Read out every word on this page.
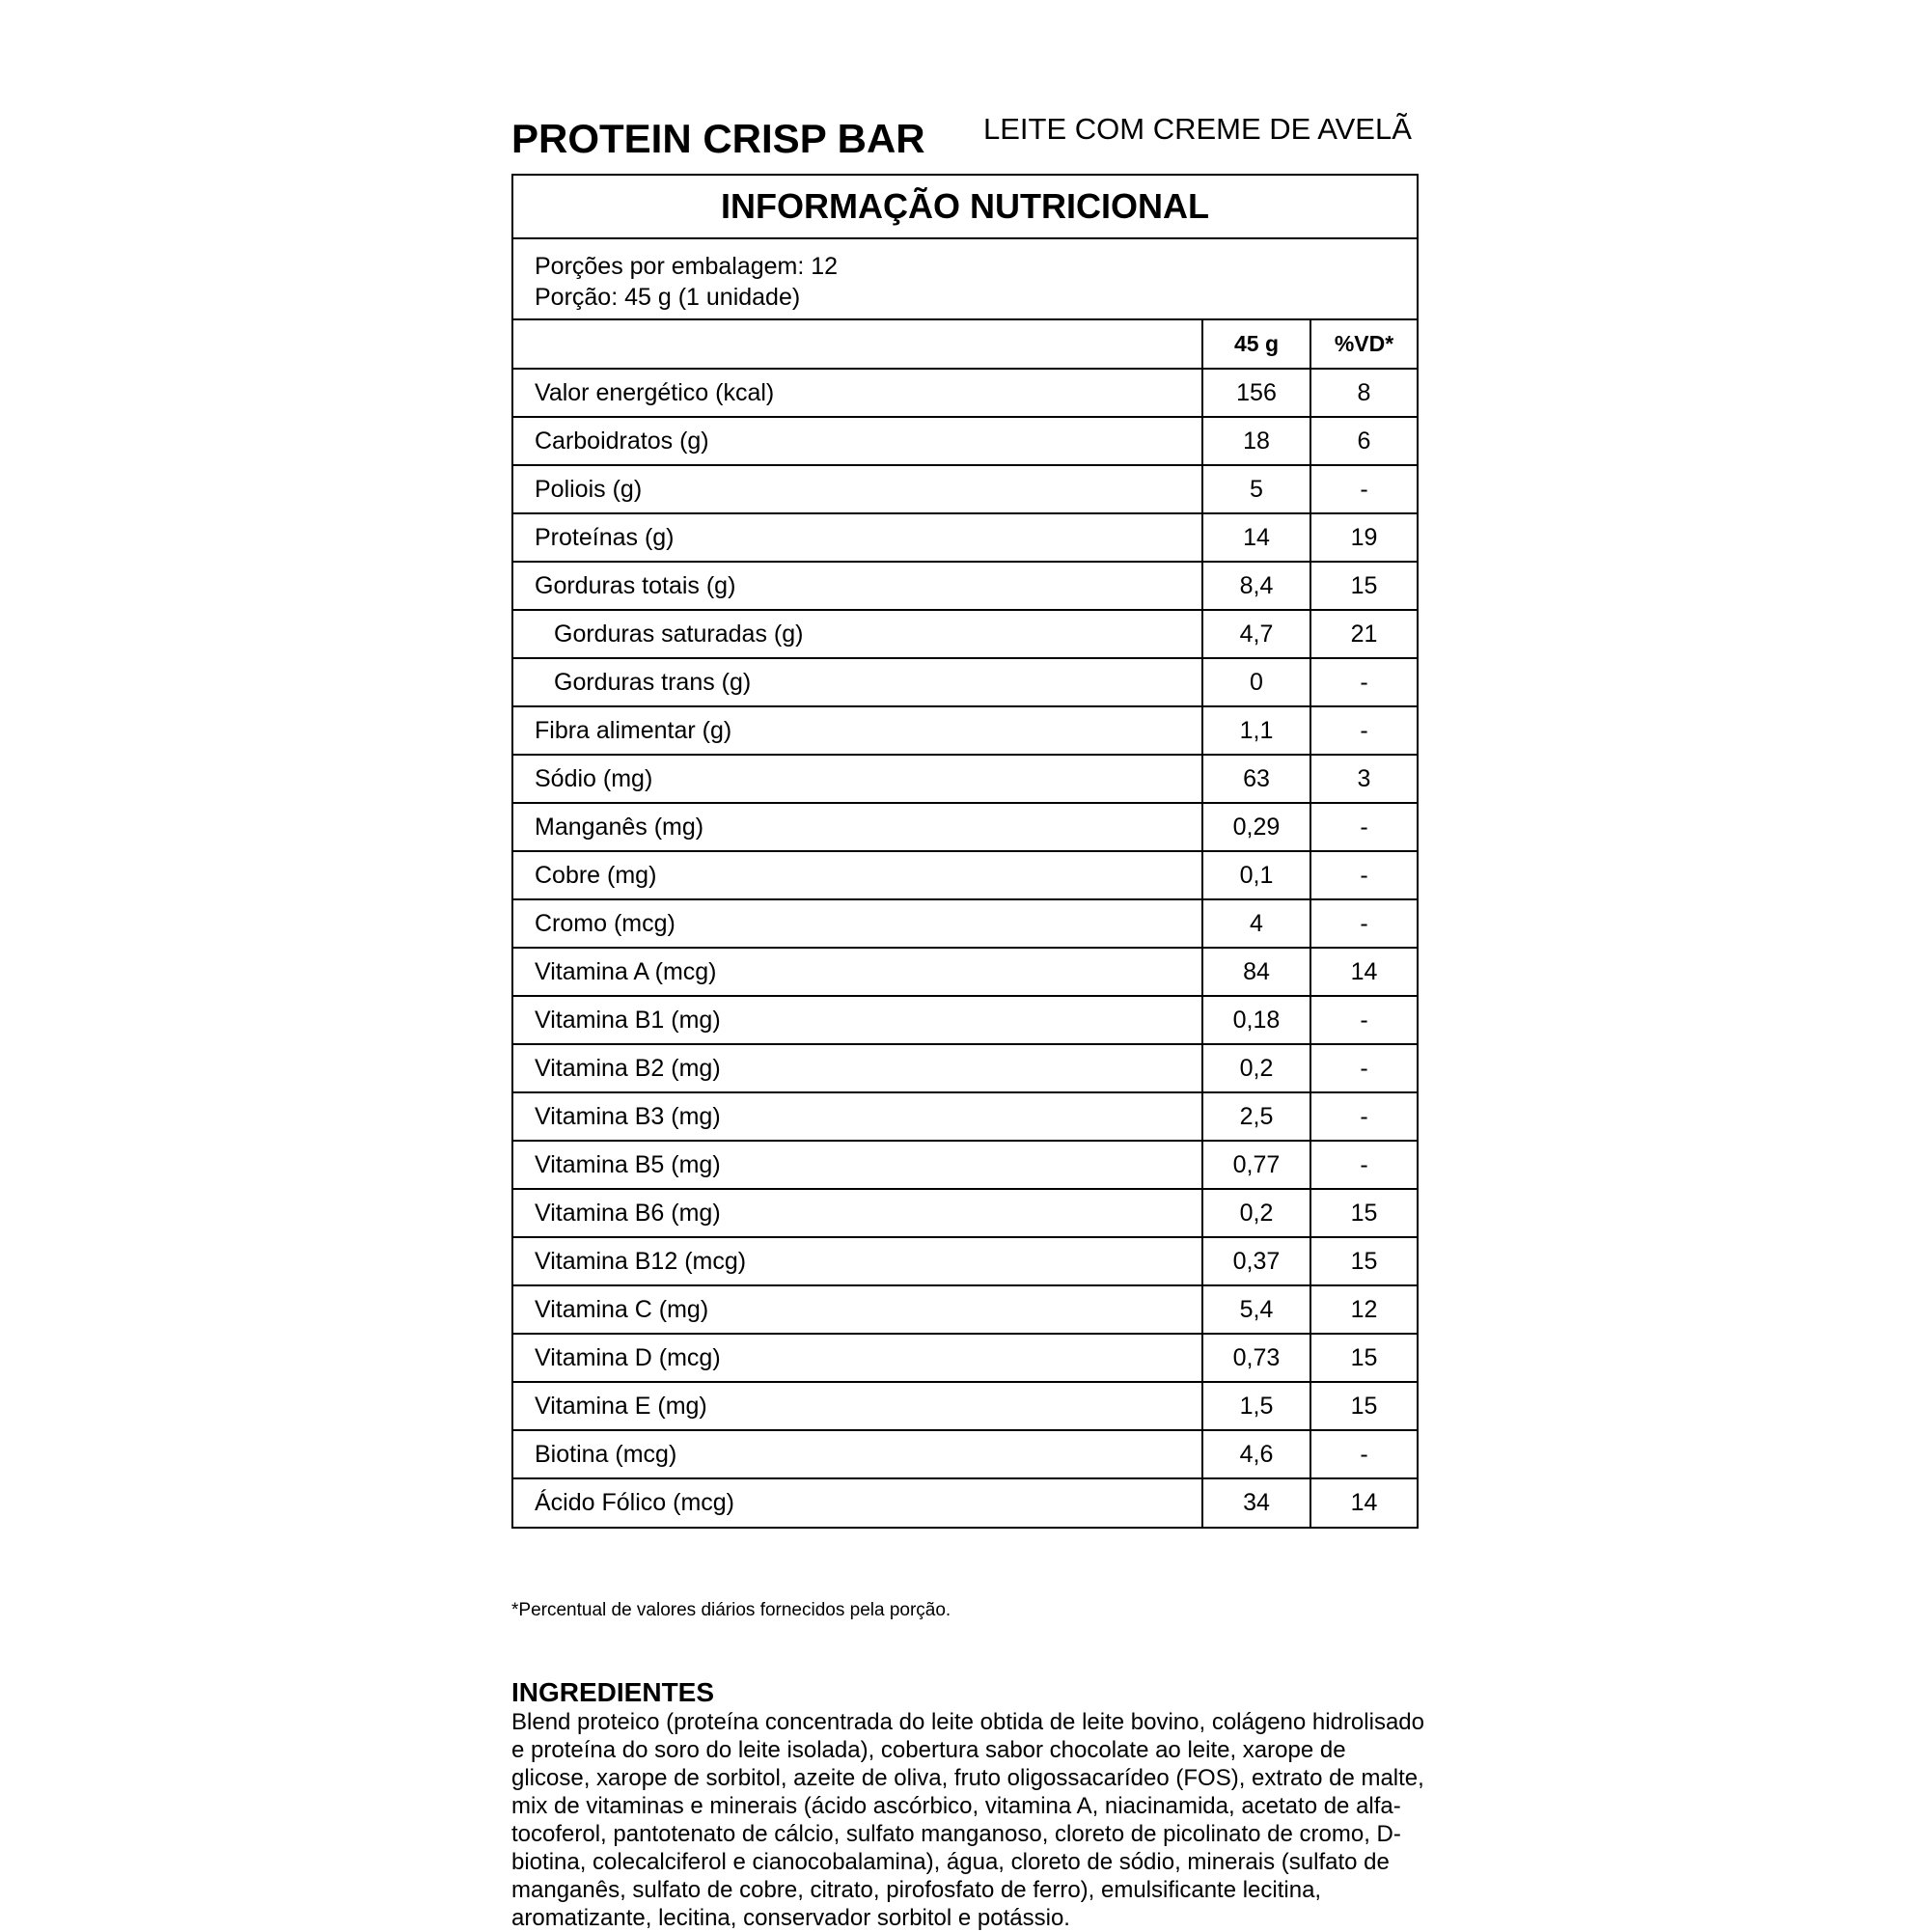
PROTEIN CRISP BAR LEITE COM CREME DE AVELÃ
INFORMAÇÃO NUTRICIONAL
Porções por embalagem: 12
Porção: 45 g (1 unidade)
	45 g	%VD*
Valor energético (kcal)	156	8
Carboidratos (g)	18	6
Poliois (g)	5	-
Proteínas (g)	14	19
Gorduras totais (g)	8,4	15
Gorduras saturadas (g)	4,7	21
Gorduras trans (g)	0	-
Fibra alimentar (g)	1,1	-
Sódio (mg)	63	3
Manganês (mg)	0,29	-
Cobre (mg)	0,1	-
Cromo (mcg)	4	-
Vitamina A (mcg)	84	14
Vitamina B1 (mg)	0,18	-
Vitamina B2 (mg)	0,2	-
Vitamina B3 (mg)	2,5	-
Vitamina B5 (mg)	0,77	-
Vitamina B6 (mg)	0,2	15
Vitamina B12 (mcg)	0,37	15
Vitamina C (mg)	5,4	12
Vitamina D (mcg)	0,73	15
Vitamina E (mg)	1,5	15
Biotina (mcg)	4,6	-
Ácido Fólico (mcg)	34	14
*Percentual de valores diários fornecidos pela porção.
INGREDIENTES
Blend proteico (proteína concentrada do leite obtida de leite bovino, colágeno hidrolisado e proteína do soro do leite isolada), cobertura sabor chocolate ao leite, xarope de glicose, xarope de sorbitol, azeite de oliva, fruto oligossacarídeo (FOS), extrato de malte, mix de vitaminas e minerais (ácido ascórbico, vitamina A, niacinamida, acetato de alfa-tocoferol, pantotenato de cálcio, sulfato manganoso, cloreto de picolinato de cromo, D-biotina, colecalciferol e cianocobalamina), água, cloreto de sódio, minerais (sulfato de manganês, sulfato de cobre, citrato, pirofosfato de ferro), emulsificante lecitina, aromatizante, lecitina, conservador sorbitol e potássio.
